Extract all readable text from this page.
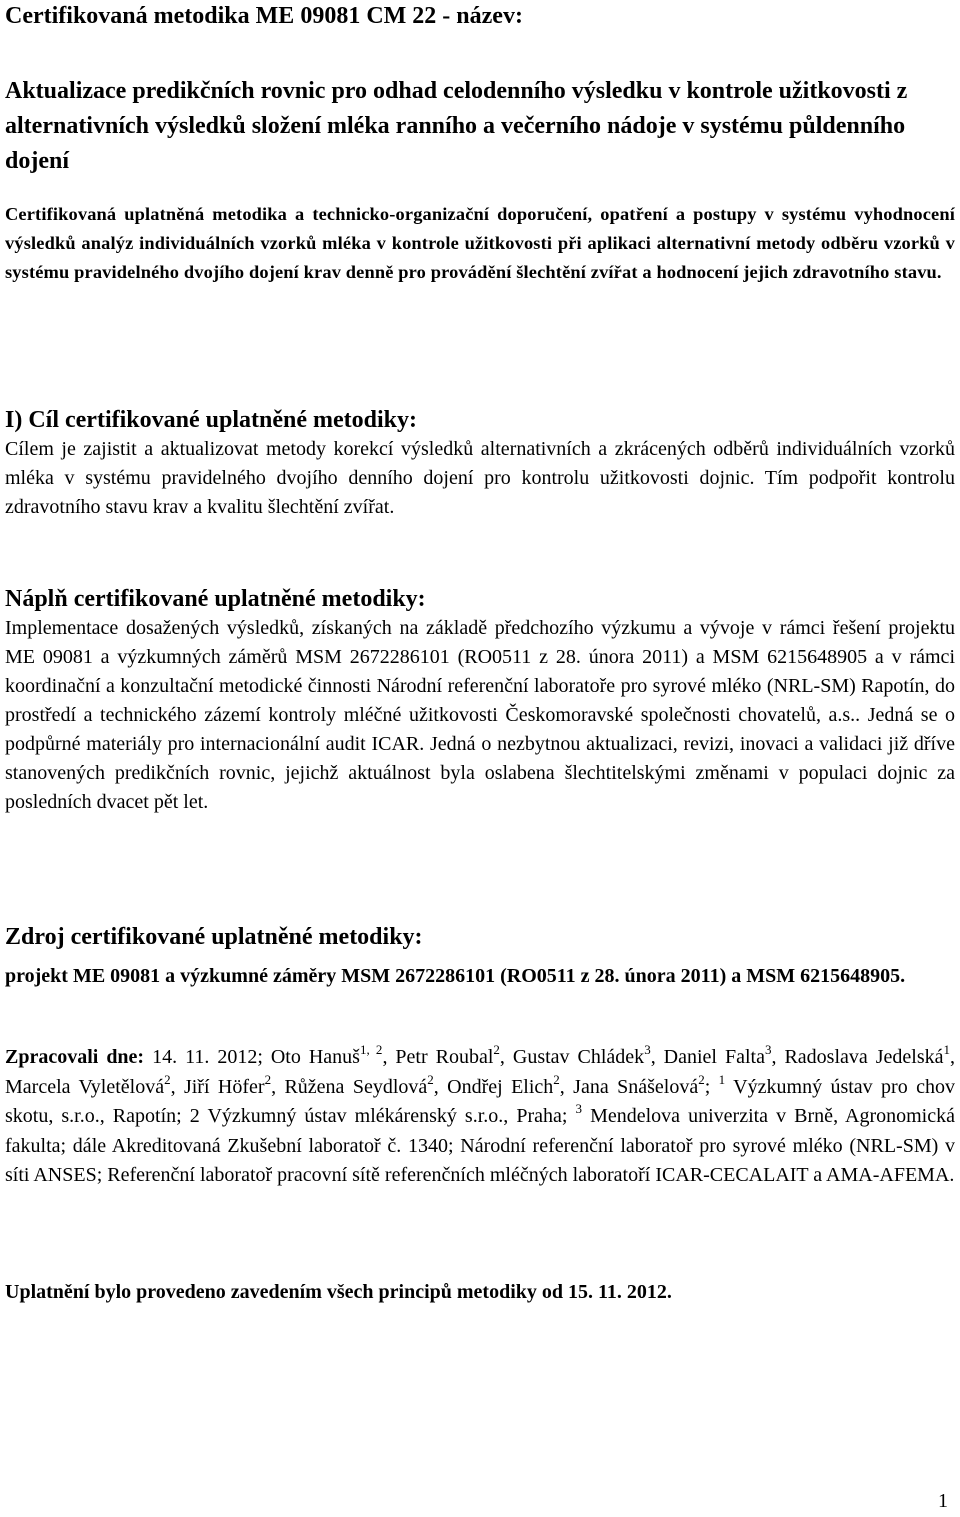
Certifikovaná metodika ME 09081 CM 22 - název:
Aktualizace predikčních rovnic pro odhad celodenního výsledku v kontrole užitkovosti z alternativních výsledků složení mléka ranního a večerního nádoje v systému půldenního dojení

Certifikovaná uplatněná metodika a technicko-organizační doporučení, opatření a postupy v systému vyhodnocení výsledků analýz individuálních vzorků mléka v kontrole užitkovosti při aplikaci alternativní metody odběru vzorků v systému pravidelného dvojího dojení krav denně pro provádění šlechtění zvířat a hodnocení jejich zdravotního stavu.

I) Cíl certifikované uplatněné metodiky:

Cílem je zajistit a aktualizovat metody korekcí výsledků alternativních a zkrácených odběrů individuálních vzorků mléka v systému pravidelného dvojího denního dojení pro kontrolu užitkovosti dojnic. Tím podpořit kontrolu zdravotního stavu krav a kvalitu šlechtění zvířat.

Náplň certifikované uplatněné metodiky:

Implementace dosažených výsledků, získaných na základě předchozího výzkumu a vývoje v rámci řešení projektu ME 09081 a výzkumných záměrů MSM 2672286101 (RO0511 z 28. února 2011) a MSM 6215648905 a v rámci koordinační a konzultační metodické činnosti Národní referenční laboratoře pro syrové mléko (NRL-SM) Rapotín, do prostředí a technického zázemí kontroly mléčné užitkovosti Českomoravské společnosti chovatelů, a.s.. Jedná se o podpůrné materiály pro internacionální audit ICAR. Jedná o nezbytnou aktualizaci, revizi, inovaci a validaci již dříve stanovených predikčních rovnic, jejichž aktuálnost byla oslabena šlechtitelskými změnami v populaci dojnic za posledních dvacet pět let.

Zdroj certifikované uplatněné metodiky:

projekt ME 09081 a výzkumné záměry MSM 2672286101 (RO0511 z 28. února 2011) a MSM 6215648905.

Zpracovali dne: 14. 11. 2012; Oto Hanuš$^{1, 2}$, Petr Roubal$^2$, Gustav Chládek$^3$, Daniel Falta$^3$, Radoslava Jedelská$^1$, Marcela Vyletělová$^2$, Jiří Höfer$^2$, Růžena Seydlová$^2$, Ondřej Elich$^2$, Jana Snášelová$^2$; $^1$ Výzkumný ústav pro chov skotu, s.r.o., Rapotín; 2 Výzkumný ústav mlékárenský s.r.o., Praha; $^3$ Mendelova univerzita v Brně, Agronomická fakulta; dále Akreditovaná Zkušební laboratoř č. 1340; Národní referenční laboratoř pro syrové mléko (NRL-SM) v síti ANSES; Referenční laboratoř pracovní sítě referenčních mléčných laboratoří ICAR-CECALAIT a AMA-AFEMA.

Uplatnění bylo provedeno zavedením všech principů metodiky od 15. 11. 2012.

1
